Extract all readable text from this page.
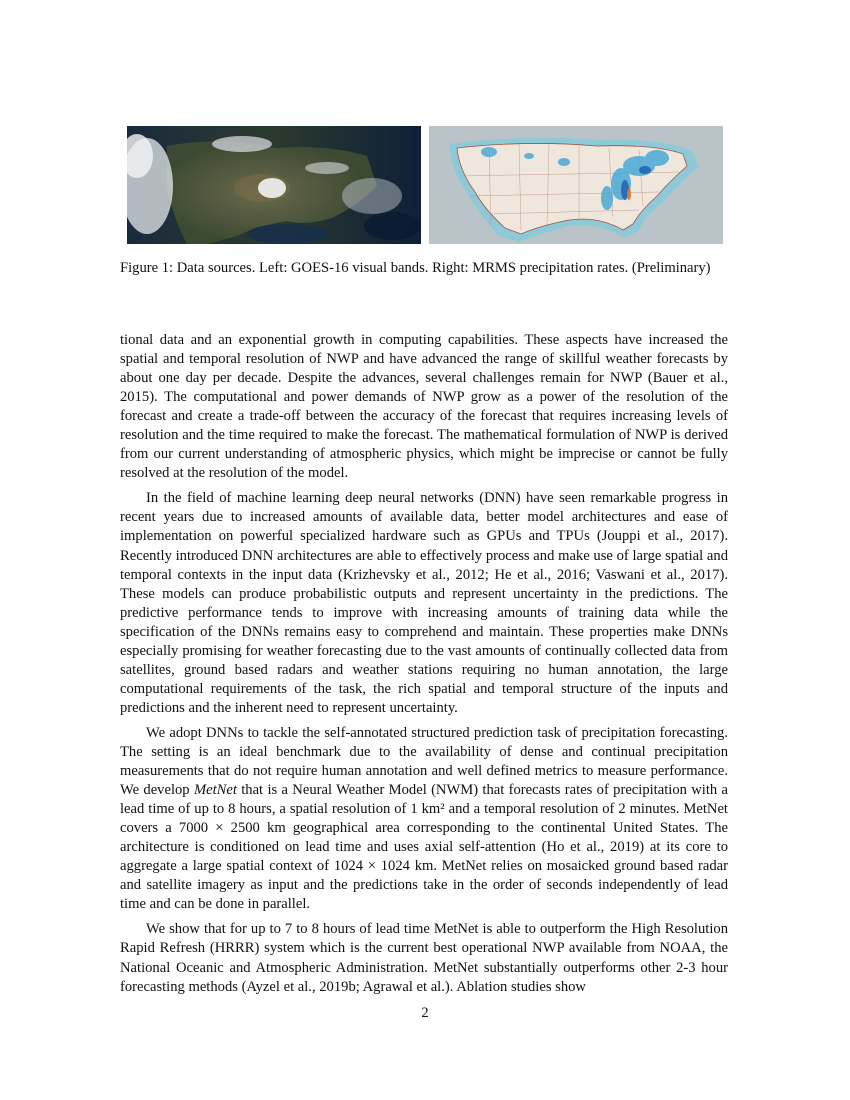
Figure 1: Data sources. Left: GOES-16 visual bands. Right: MRMS precipitation rates. (Preliminary)

tional data and an exponential growth in computing capabilities. These aspects have increased the spatial and temporal resolution of NWP and have advanced the range of skillful weather forecasts by about one day per decade. Despite the advances, several challenges remain for NWP (Bauer et al., 2015). The computational and power demands of NWP grow as a power of the resolution of the forecast and create a trade-off between the accuracy of the forecast that requires increasing levels of resolution and the time required to make the forecast. The mathematical formulation of NWP is derived from our current understanding of atmospheric physics, which might be imprecise or cannot be fully resolved at the resolution of the model.

In the field of machine learning deep neural networks (DNN) have seen remarkable progress in recent years due to increased amounts of available data, better model architectures and ease of implementation on powerful specialized hardware such as GPUs and TPUs (Jouppi et al., 2017). Recently introduced DNN architectures are able to effectively process and make use of large spatial and temporal contexts in the input data (Krizhevsky et al., 2012; He et al., 2016; Vaswani et al., 2017). These models can produce probabilistic outputs and represent uncertainty in the predictions. The predictive performance tends to improve with increasing amounts of training data while the specification of the DNNs remains easy to comprehend and maintain. These properties make DNNs especially promising for weather forecasting due to the vast amounts of continually collected data from satellites, ground based radars and weather stations requiring no human annotation, the large computational requirements of the task, the rich spatial and temporal structure of the inputs and predictions and the inherent need to represent uncertainty.

We adopt DNNs to tackle the self-annotated structured prediction task of precipitation forecasting. The setting is an ideal benchmark due to the availability of dense and continual precipitation measurements that do not require human annotation and well defined metrics to measure performance. We develop MetNet that is a Neural Weather Model (NWM) that forecasts rates of precipitation with a lead time of up to 8 hours, a spatial resolution of 1 km² and a temporal resolution of 2 minutes. MetNet covers a 7000 × 2500 km geographical area corresponding to the continental United States. The architecture is conditioned on lead time and uses axial self-attention (Ho et al., 2019) at its core to aggregate a large spatial context of 1024 × 1024 km. MetNet relies on mosaicked ground based radar and satellite imagery as input and the predictions take in the order of seconds independently of lead time and can be done in parallel.

We show that for up to 7 to 8 hours of lead time MetNet is able to outperform the High Resolution Rapid Refresh (HRRR) system which is the current best operational NWP available from NOAA, the National Oceanic and Atmospheric Administration. MetNet substantially outperforms other 2-3 hour forecasting methods (Ayzel et al., 2019b; Agrawal et al.). Ablation studies show

2
